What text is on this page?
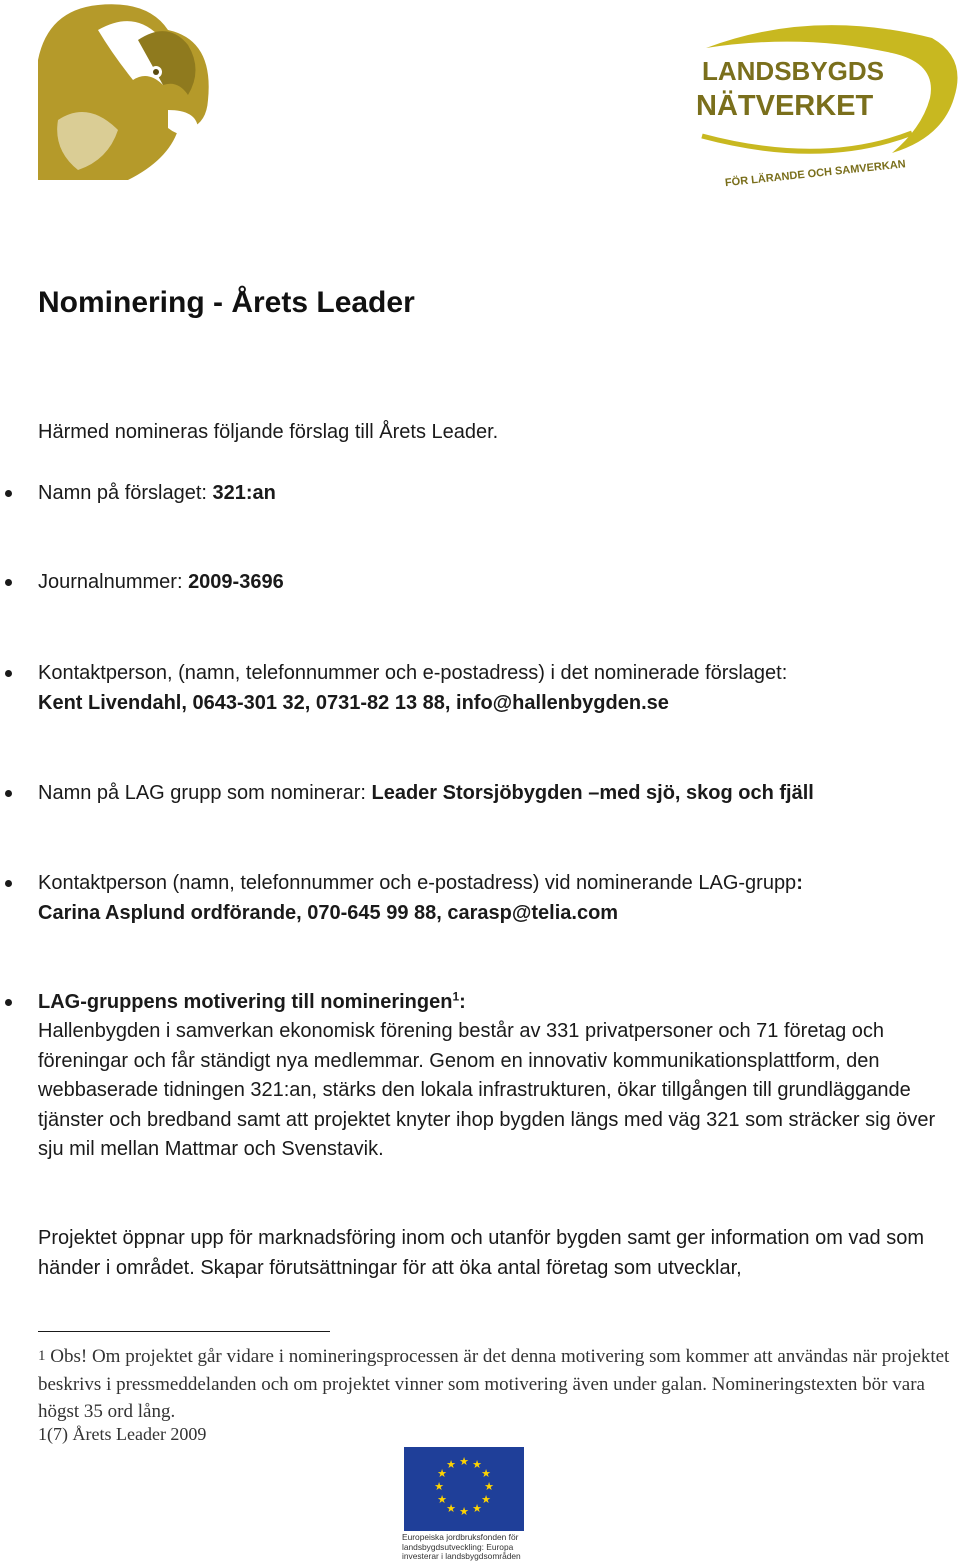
LANDSBYGDS
NÄTVERKET
FÖR LÄRANDE OCH SAMVERKAN
Nominering - Årets Leader
Härmed nomineras följande förslag till Årets Leader.
Namn på förslaget: 321:an
Journalnummer: 2009-3696
Kontaktperson, (namn, telefonnummer och e-postadress) i det nominerade förslaget:
Kent Livendahl, 0643-301 32, 0731-82 13 88, info@hallenbygden.se
Namn på LAG grupp som nominerar: Leader Storsjöbygden –med sjö, skog och fjäll
Kontaktperson (namn, telefonnummer och e-postadress) vid nominerande LAG-grupp:
Carina Asplund ordförande, 070-645 99 88, carasp@telia.com
LAG-gruppens motivering till nomineringen$^1$:
Hallenbygden i samverkan ekonomisk förening består av 331 privatpersoner och 71 företag och föreningar och får ständigt nya medlemmar. Genom en innovativ kommunikationsplattform, den webbaserade tidningen 321:an, stärks den lokala infrastrukturen, ökar tillgången till grundläggande tjänster och bredband samt att projektet knyter ihop bygden längs med väg 321 som sträcker sig över sju mil mellan Mattmar och Svenstavik.
Projektet öppnar upp för marknadsföring inom och utanför bygden samt ger information om vad som händer i området. Skapar förutsättningar för att öka antal företag som utvecklar,
1 Obs! Om projektet går vidare i nomineringsprocessen är det denna motivering som kommer att användas när projektet beskrivs i pressmeddelanden och om projektet vinner som motivering även under galan. Nomineringstexten bör vara högst 35 ord lång.
1(7) Årets Leader 2009
★ ★
★
★
★
★
★
★
★
★
★
★
Europeiska jordbruksfonden för landsbygdsutveckling: Europa investerar i landsbygdsområden
